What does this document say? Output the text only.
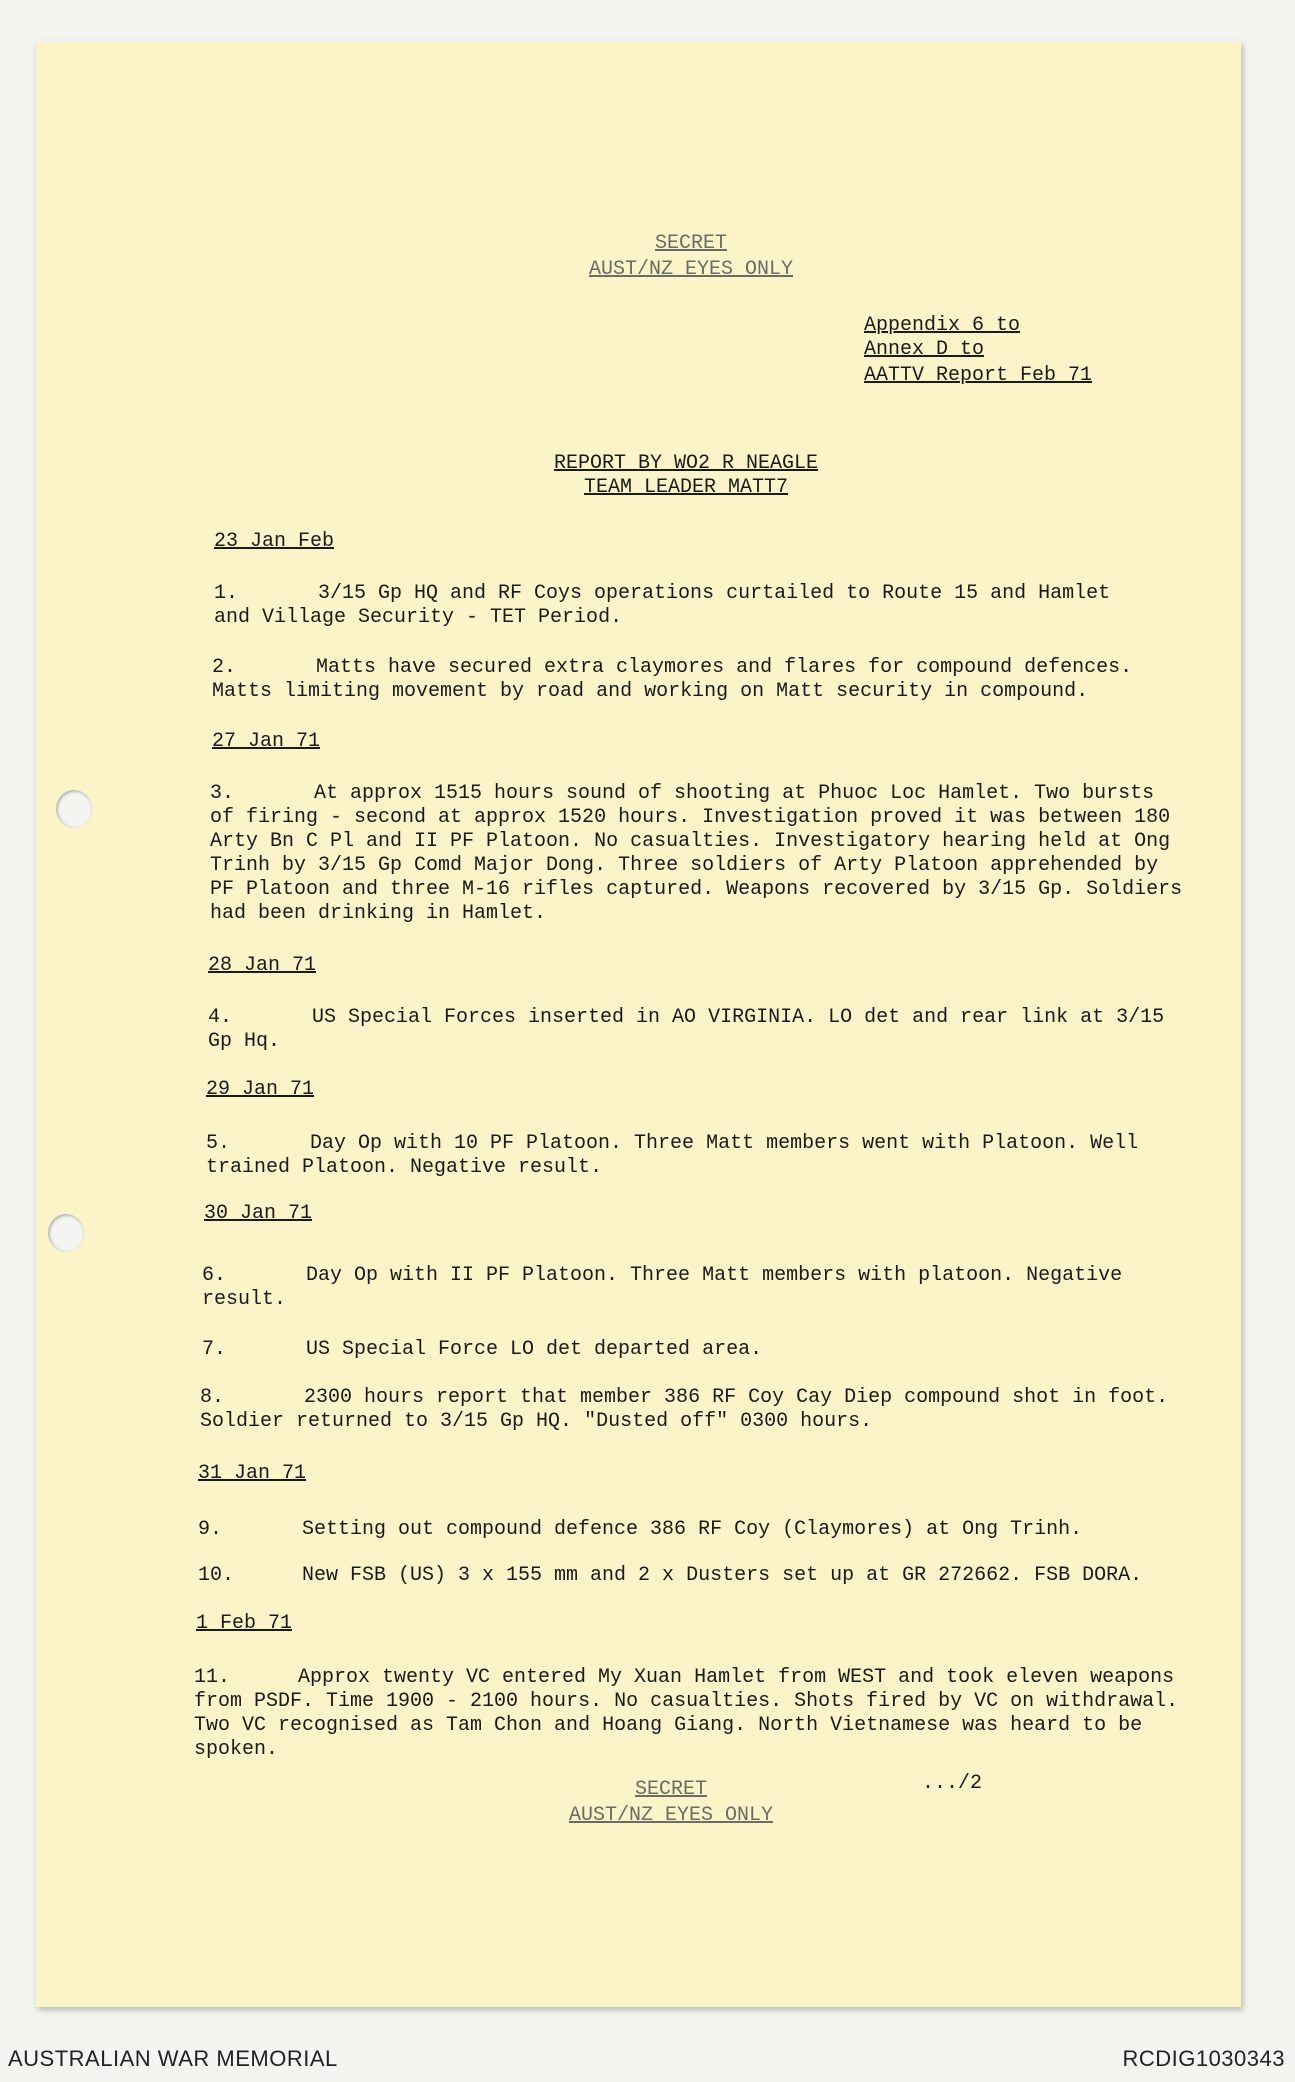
SECRET
AUST/NZ EYES ONLY
Appendix 6 to
Annex D to
AATTV Report Feb 71
REPORT BY WO2 R NEAGLE
TEAM LEADER MATT7
23 Jan Feb
1.	3/15 Gp HQ and RF Coys operations curtailed to Route 15 and Hamlet and Village Security - TET Period.
2.	Matts have secured extra claymores and flares for compound defences. Matts limiting movement by road and working on Matt security in compound.
27 Jan 71
3.	At approx 1515 hours sound of shooting at Phuoc Loc Hamlet. Two bursts of firing - second at approx 1520 hours. Investigation proved it was between 180 Arty Bn C Pl and II PF Platoon. No casualties. Investigatory hearing held at Ong Trinh by 3/15 Gp Comd Major Dong. Three soldiers of Arty Platoon apprehended by PF Platoon and three M-16 rifles captured. Weapons recovered by 3/15 Gp. Soldiers had been drinking in Hamlet.
28 Jan 71
4.	US Special Forces inserted in AO VIRGINIA. LO det and rear link at 3/15 Gp Hq.
29 Jan 71
5.	Day Op with 10 PF Platoon. Three Matt members went with Platoon. Well trained Platoon. Negative result.
30 Jan 71
6.	Day Op with II PF Platoon. Three Matt members with platoon. Negative result.
7.	US Special Force LO det departed area.
8.	2300 hours report that member 386 RF Coy Cay Diep compound shot in foot. Soldier returned to 3/15 Gp HQ. "Dusted off" 0300 hours.
31 Jan 71
9.	Setting out compound defence 386 RF Coy (Claymores) at Ong Trinh.
10.	New FSB (US) 3 x 155 mm and 2 x Dusters set up at GR 272662. FSB DORA.
1 Feb 71
11.	Approx twenty VC entered My Xuan Hamlet from WEST and took eleven weapons from PSDF. Time 1900 - 2100 hours. No casualties. Shots fired by VC on withdrawal. Two VC recognised as Tam Chon and Hoang Giang. North Vietnamese was heard to be spoken.
SECRET
AUST/NZ EYES ONLY
.../2
AUSTRALIAN WAR MEMORIAL	RCDIG1030343
